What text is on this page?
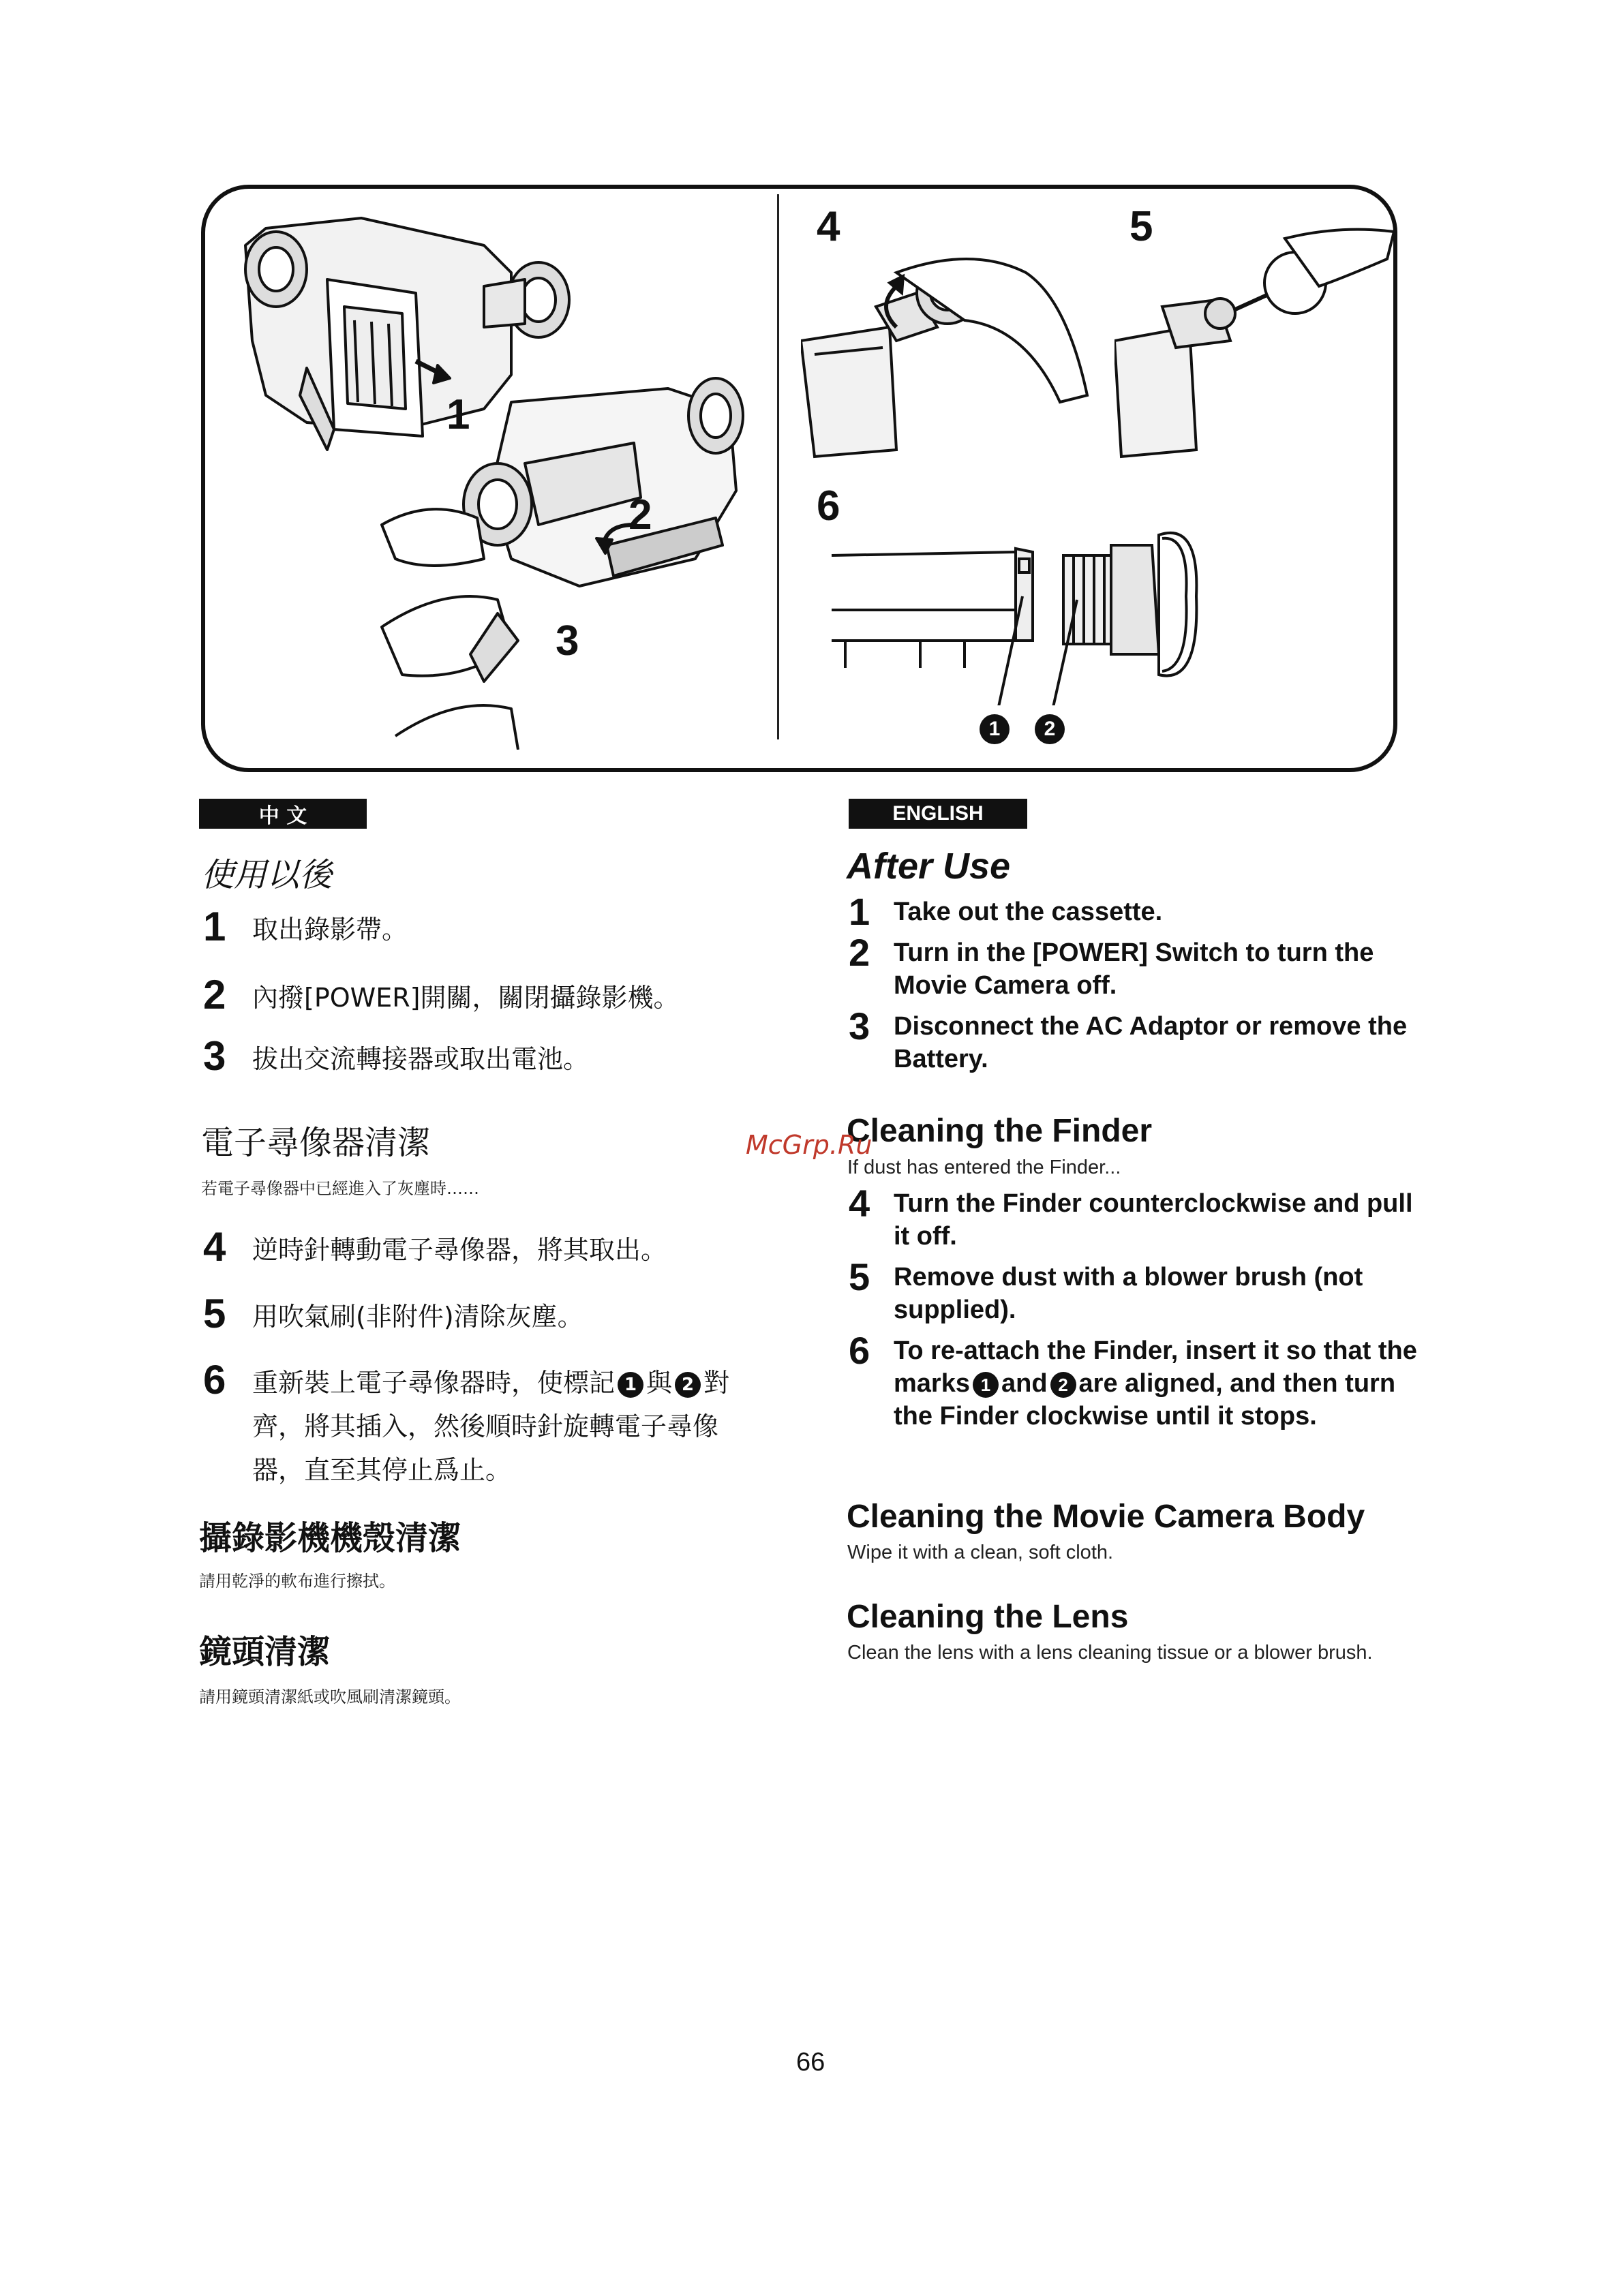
1
2
3
4	5
6
1	2
中 文
使用以後
1	取出錄影帶。
2	內撥[POWER]開關，關閉攝錄影機。
3	拔出交流轉接器或取出電池。
電子尋像器清潔
若電子尋像器中已經進入了灰塵時……
4	逆時針轉動電子尋像器，將其取出。
5	用吹氣刷(非附件)清除灰塵。
6	重新裝上電子尋像器時，使標記 1 與 2 對齊，將其插入，然後順時針旋轉電子尋像器，直至其停止爲止。
攝錄影機機殼清潔
請用乾淨的軟布進行擦拭。
鏡頭清潔
請用鏡頭清潔紙或吹風刷清潔鏡頭。
ENGLISH
After Use
1 Take out the cassette.
2 Turn in the [POWER] Switch to turn the Movie Camera off.
3 Disconnect the AC Adaptor or remove the Battery.
Cleaning the Finder
If dust has entered the Finder...
4 Turn the Finder counterclockwise and pull it off.
5 Remove dust with a blower brush (not supplied).
6 To re-attach the Finder, insert it so that the marks 1 and 2 are aligned, and then turn the Finder clockwise until it stops.
Cleaning the Movie Camera Body
Wipe it with a clean, soft cloth.
Cleaning the Lens
Clean the lens with a lens cleaning tissue or a blower brush.
McGrp.Ru
66
